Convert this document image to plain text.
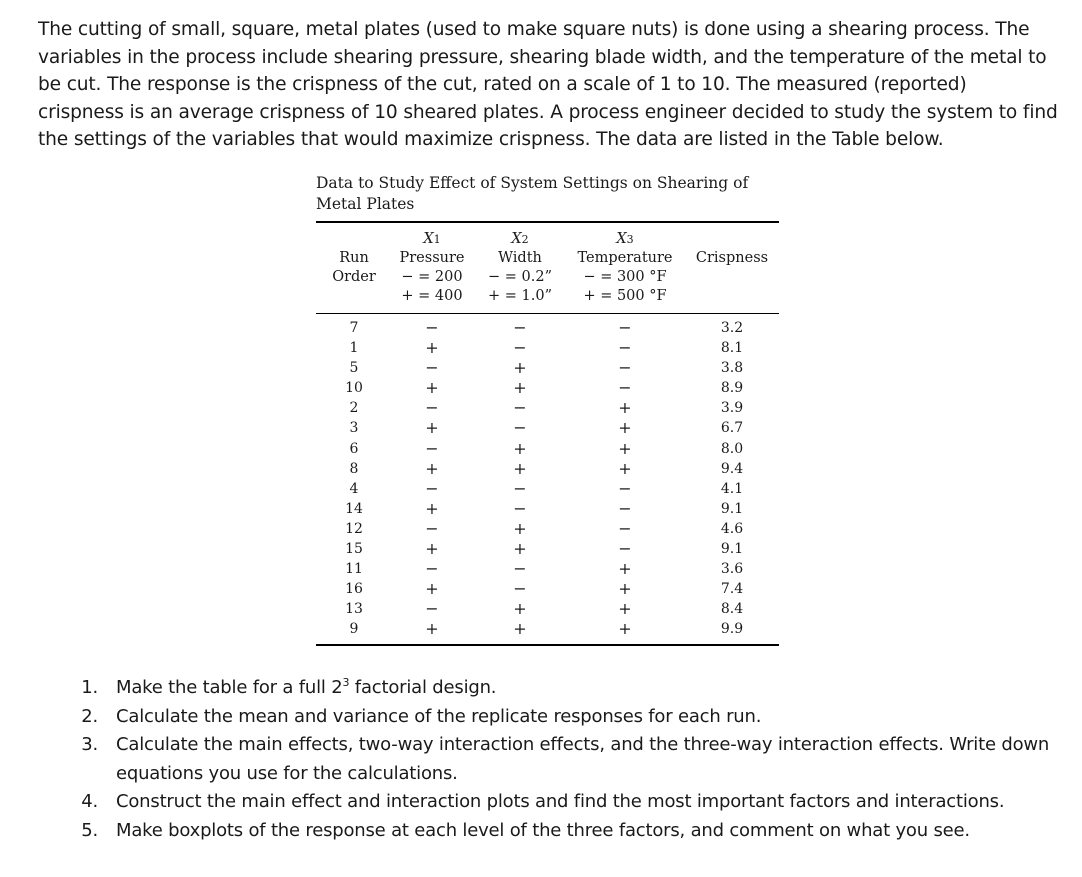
The cutting of small, square, metal plates (used to make square nuts) is done using a shearing process. The variables in the process include shearing pressure, shearing blade width, and the temperature of the metal to be cut. The response is the crispness of the cut, rated on a scale of 1 to 10. The measured (reported) crispness is an average crispness of 10 sheared plates. A process engineer decided to study the system to find the settings of the variables that would maximize crispness. The data are listed in the Table below.

Data to Study Effect of System Settings on Shearing of
Metal Plates
Run
Order
X1
Pressure
− = 200
+ = 400
X2
Width
− = 0.2”
+ = 1.0”
X3
Temperature
− = 300 °F
+ = 500 °F
Crispness
7
1
5
10
2
3
6
8
4
14
12
15
11
16
13
9
−
+
−
+
−
+
−
+
−
+
−
+
−
+
−
+
−
−
+
+
−
−
+
+
−
−
+
+
−
−
+
+
−
−
−
−
+
+
+
+
−
−
−
−
+
+
+
+
3.2
8.1
3.8
8.9
3.9
6.7
8.0
9.4
4.1
9.1
4.6
9.1
3.6
7.4
8.4
9.9
1. Make the table for a full $2^3$ factorial design.
2. Calculate the mean and variance of the replicate responses for each run.
3. Calculate the main effects, two-way interaction effects, and the three-way interaction effects. Write down equations you use for the calculations.
4. Construct the main effect and interaction plots and find the most important factors and interactions.
5. Make boxplots of the response at each level of the three factors, and comment on what you see.
